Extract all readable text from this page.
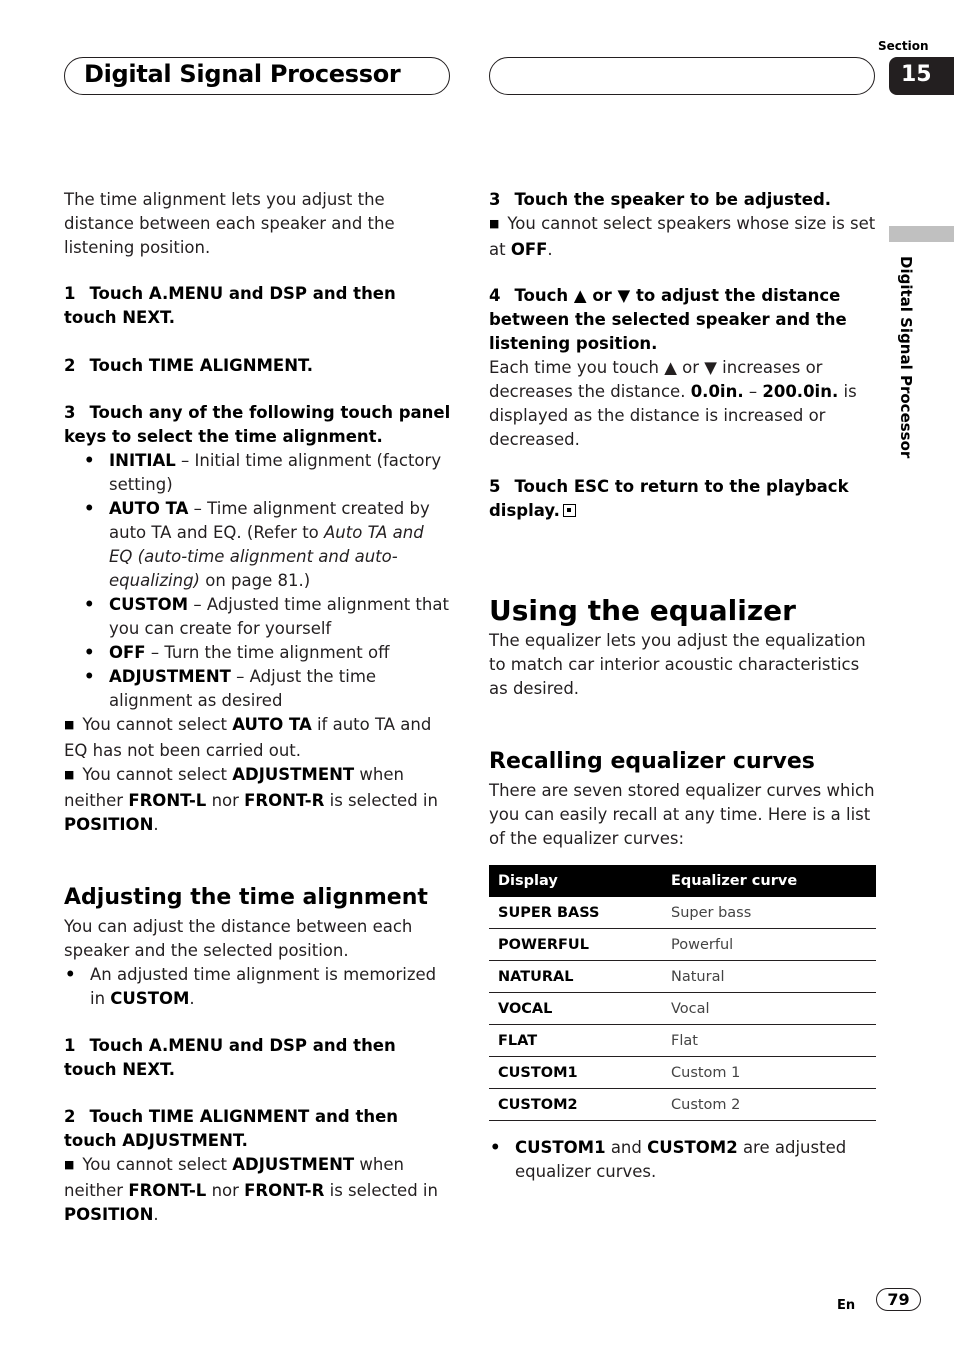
Digital Signal Processor
Section
15
Digital Signal Processor

The time alignment lets you adjust the distance between each speaker and the listening position.

1 Touch A.MENU and DSP and then touch NEXT.

2 Touch TIME ALIGNMENT.

3 Touch any of the following touch panel keys to select the time alignment.

• INITIAL – Initial time alignment (factory setting)
• AUTO TA – Time alignment created by auto TA and EQ. (Refer to Auto TA and EQ (auto-time alignment and auto-equalizing) on page 81.)
• CUSTOM – Adjusted time alignment that you can create for yourself
• OFF – Turn the time alignment off
• ADJUSTMENT – Adjust the time alignment as desired

■ You cannot select AUTO TA if auto TA and EQ has not been carried out.

■ You cannot select ADJUSTMENT when neither FRONT-L nor FRONT-R is selected in POSITION.

Adjusting the time alignment

You can adjust the distance between each speaker and the selected position.

• An adjusted time alignment is memorized in CUSTOM.

1 Touch A.MENU and DSP and then touch NEXT.

2 Touch TIME ALIGNMENT and then touch ADJUSTMENT.

■ You cannot select ADJUSTMENT when neither FRONT-L nor FRONT-R is selected in POSITION.

3 Touch the speaker to be adjusted.

■ You cannot select speakers whose size is set at OFF.

4 Touch ▲ or ▼ to adjust the distance between the selected speaker and the listening position.

Each time you touch ▲ or ▼ increases or decreases the distance. 0.0in. – 200.0in. is displayed as the distance is increased or decreased.

5 Touch ESC to return to the playback display.

Using the equalizer

The equalizer lets you adjust the equalization to match car interior acoustic characteristics as desired.

Recalling equalizer curves

There are seven stored equalizer curves which you can easily recall at any time. Here is a list of the equalizer curves:

Display	Equalizer curve
SUPER BASS	Super bass
POWERFUL	Powerful
NATURAL	Natural
VOCAL	Vocal
FLAT	Flat
CUSTOM1	Custom 1
CUSTOM2	Custom 2
• CUSTOM1 and CUSTOM2 are adjusted equalizer curves.
En	79
